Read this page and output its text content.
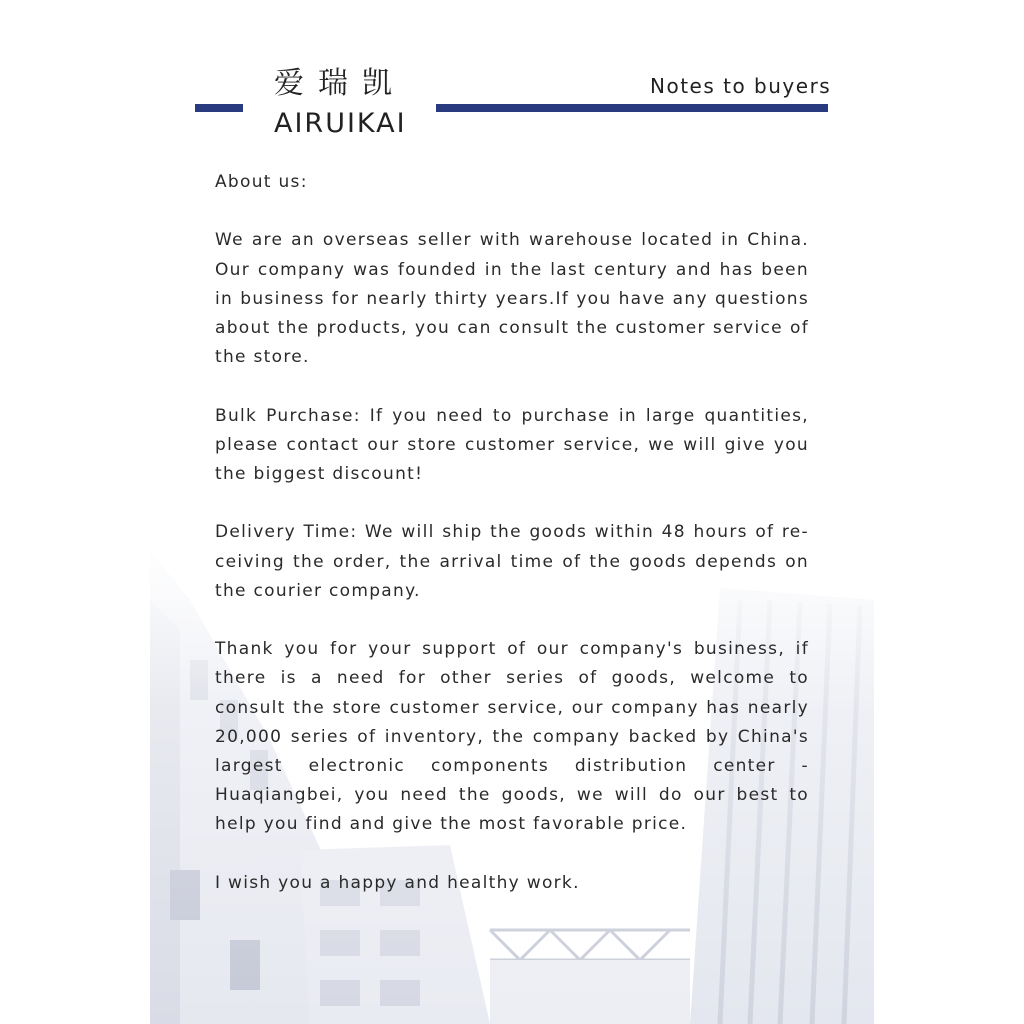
爱瑞凯
AIRUIKAI
Notes to buyers

About us:

We are an overseas seller with warehouse located in China. Our company was founded in the last century and has been in business for nearly thirty years.If you have any questions about the products, you can consult the customer service of the store.

Bulk Purchase: If you need to purchase in large quantities, please contact our store customer service, we will give you the biggest discount!

Delivery Time: We will ship the goods within 48 hours of re-ceiving the order, the arrival time of the goods depends on the courier company.

Thank you for your support of our company's business, if there is a need for other series of goods, welcome to consult the store customer service, our company has nearly 20,000 series of inventory, the company backed by China's largest electronic components distribution center - Huaqiangbei, you need the goods, we will do our best to help you find and give the most favorable price.

I wish you a happy and healthy work.
